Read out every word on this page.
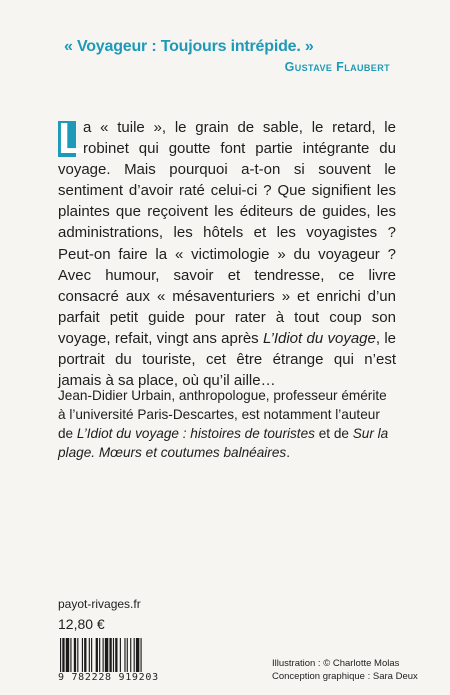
« Voyageur : Toujours intrépide. »
Gustave Flaubert
L
a « tuile », le grain de sable, le retard, le robinet qui goutte font partie intégrante du voyage. Mais pourquoi a-t-on si souvent le sentiment d’avoir raté celui-ci ? Que signifient les plaintes que reçoivent les éditeurs de guides, les administrations, les hôtels et les voyagistes ? Peut-on faire la « victimologie » du voyageur ? Avec humour, savoir et tendresse, ce livre consacré aux « mésaventuriers » et enrichi d’un parfait petit guide pour rater à tout coup son voyage, refait, vingt ans après L’Idiot du voyage, le portrait du touriste, cet être étrange qui n’est jamais à sa place, où qu’il aille…
Jean-Didier Urbain, anthropologue, professeur émérite à l’université Paris-Descartes, est notamment l’auteur de L’Idiot du voyage : histoires de touristes et de Sur la plage. Mœurs et coutumes balnéaires.
payot-rivages.fr
12,80 €
9 782228 919203
Illustration : © Charlotte Molas
Conception graphique : Sara Deux
